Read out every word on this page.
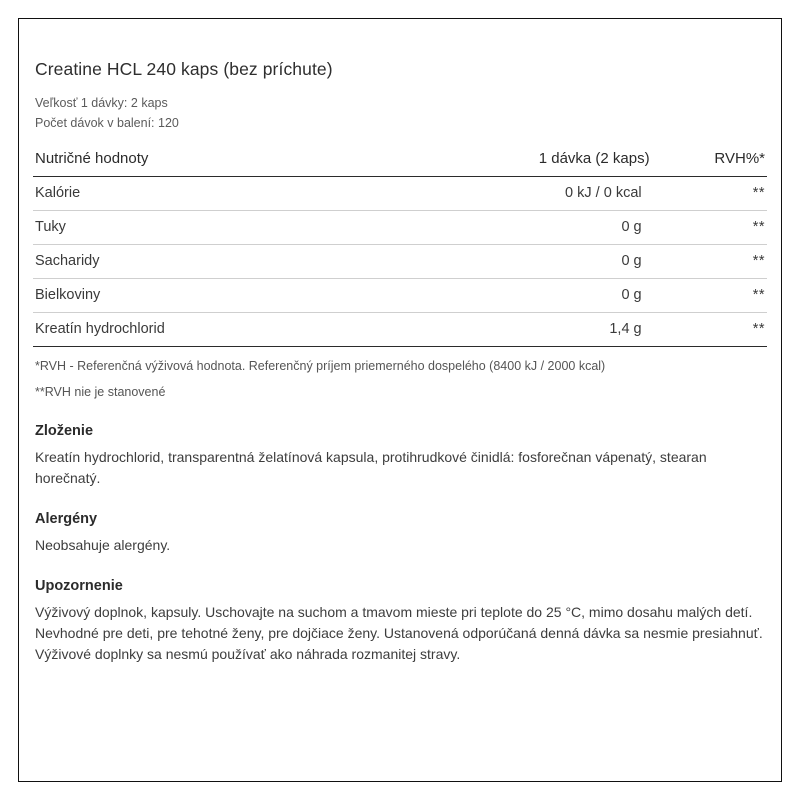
Creatine HCL 240 kaps (bez príchute)
Veľkosť 1 dávky: 2 kaps
Počet dávok v balení: 120
Nutričné hodnoty	1 dávka (2 kaps)	RVH%*
Kalórie	0 kJ / 0 kcal	**
Tuky	0 g	**
Sacharidy	0 g	**
Bielkoviny	0 g	**
Kreatín hydrochlorid	1,4 g	**
*RVH - Referenčná výživová hodnota. Referenčný príjem priemerného dospelého (8400 kJ / 2000 kcal)
**RVH nie je stanovené
Zloženie
Kreatín hydrochlorid, transparentná želatínová kapsula, protihrudkové činidlá: fosforečnan vápenatý, stearan horečnatý.
Alergény
Neobsahuje alergény.
Upozornenie
Výživový doplnok, kapsuly. Uschovajte na suchom a tmavom mieste pri teplote do 25 °C, mimo dosahu malých detí. Nevhodné pre deti, pre tehotné ženy, pre dojčiace ženy. Ustanovená odporúčaná denná dávka sa nesmie presiahnuť. Výživové doplnky sa nesmú používať ako náhrada rozmanitej stravy.
